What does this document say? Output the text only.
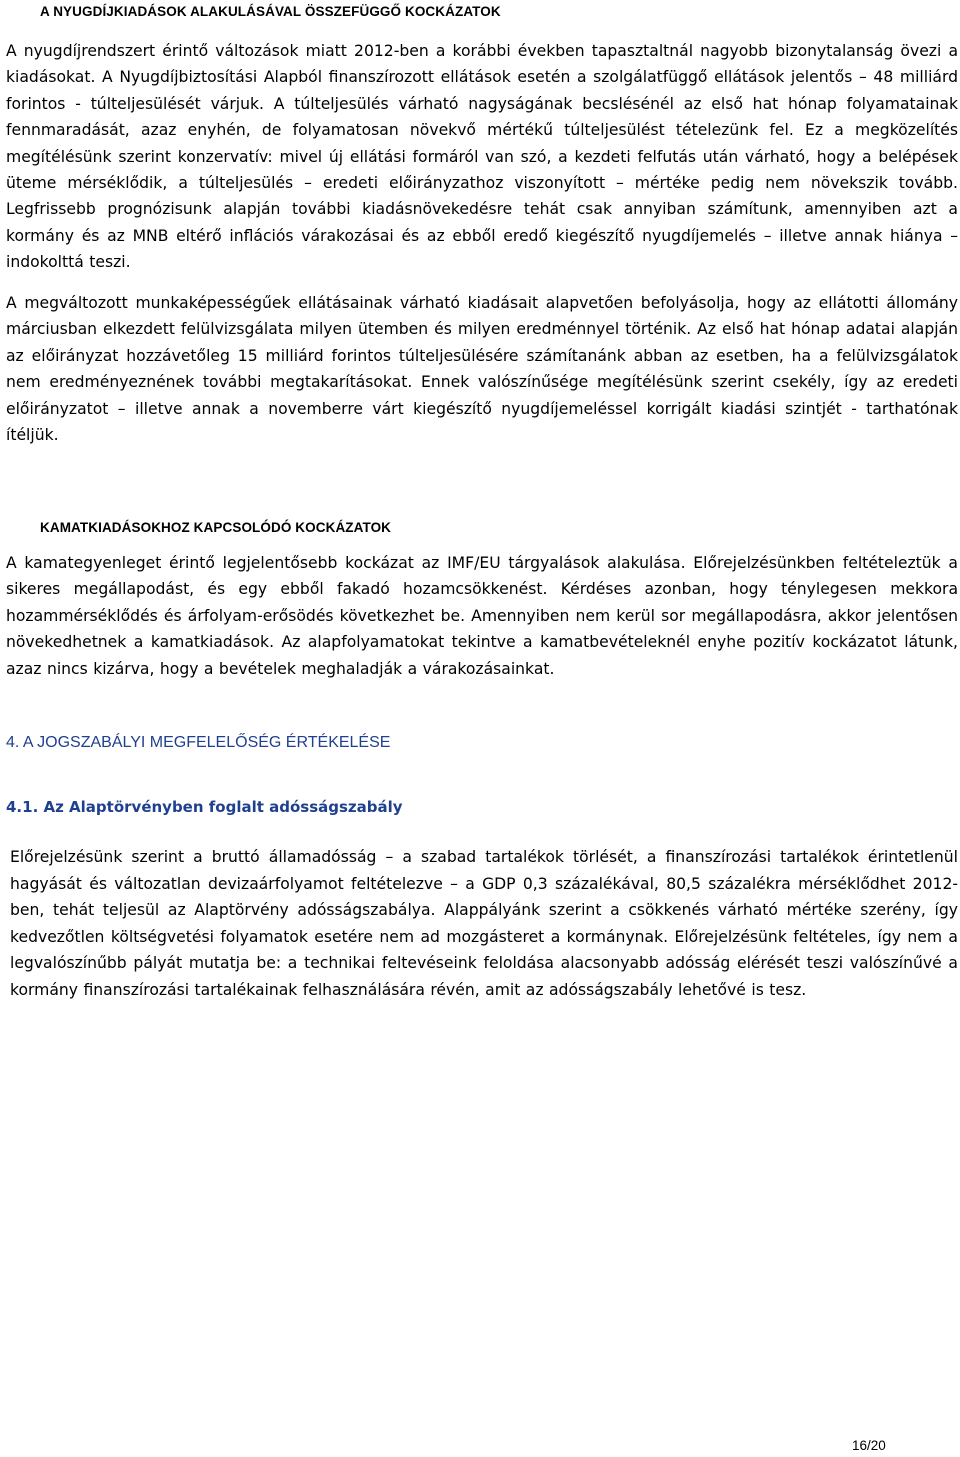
A NYUGDÍJKIADÁSOK ALAKULÁSÁVAL ÖSSZEFÜGGŐ KOCKÁZATOK

A nyugdíjrendszert érintő változások miatt 2012-ben a korábbi években tapasztaltnál nagyobb bizonytalanság övezi a kiadásokat. A Nyugdíjbiztosítási Alapból finanszírozott ellátások esetén a szolgálatfüggő ellátások jelentős – 48 milliárd forintos - túlteljesülését várjuk. A túlteljesülés várható nagyságának becslésénél az első hat hónap folyamatainak fennmaradását, azaz enyhén, de folyamatosan növekvő mértékű túlteljesülést tételezünk fel. Ez a megközelítés megítélésünk szerint konzervatív: mivel új ellátási formáról van szó, a kezdeti felfutás után várható, hogy a belépések üteme mérséklődik, a túlteljesülés – eredeti előirányzathoz viszonyított – mértéke pedig nem növekszik tovább. Legfrissebb prognózisunk alapján további kiadásnövekedésre tehát csak annyiban számítunk, amennyiben azt a kormány és az MNB eltérő inflációs várakozásai és az ebből eredő kiegészítő nyugdíjemelés – illetve annak hiánya – indokolttá teszi.

A megváltozott munkaképességűek ellátásainak várható kiadásait alapvetően befolyásolja, hogy az ellátotti állomány márciusban elkezdett felülvizsgálata milyen ütemben és milyen eredménnyel történik. Az első hat hónap adatai alapján az előirányzat hozzávetőleg 15 milliárd forintos túlteljesülésére számítanánk abban az esetben, ha a felülvizsgálatok nem eredményeznének további megtakarításokat. Ennek valószínűsége megítélésünk szerint csekély, így az eredeti előirányzatot – illetve annak a novemberre várt kiegészítő nyugdíjemeléssel korrigált kiadási szintjét - tarthatónak ítéljük.

KAMATKIADÁSOKHOZ KAPCSOLÓDÓ KOCKÁZATOK

A kamategyenleget érintő legjelentősebb kockázat az IMF/EU tárgyalások alakulása. Előrejelzésünkben feltételeztük a sikeres megállapodást, és egy ebből fakadó hozamcsökkenést. Kérdéses azonban, hogy ténylegesen mekkora hozammérséklődés és árfolyam-erősödés következhet be. Amennyiben nem kerül sor megállapodásra, akkor jelentősen növekedhetnek a kamatkiadások. Az alapfolyamatokat tekintve a kamatbevételeknél enyhe pozitív kockázatot látunk, azaz nincs kizárva, hogy a bevételek meghaladják a várakozásainkat.

4. A JOGSZABÁLYI MEGFELELŐSÉG ÉRTÉKELÉSE
4.1. Az Alaptörvényben foglalt adósságszabály

Előrejelzésünk szerint a bruttó államadósság – a szabad tartalékok törlését, a finanszírozási tartalékok érintetlenül hagyását és változatlan devizaárfolyamot feltételezve – a GDP 0,3 százalékával, 80,5 százalékra mérséklődhet 2012-ben, tehát teljesül az Alaptörvény adósságszabálya. Alappályánk szerint a csökkenés várható mértéke szerény, így kedvezőtlen költségvetési folyamatok esetére nem ad mozgásteret a kormánynak. Előrejelzésünk feltételes, így nem a legvalószínűbb pályát mutatja be: a technikai feltevéseink feloldása alacsonyabb adósság elérését teszi valószínűvé a kormány finanszírozási tartalékainak felhasználására révén, amit az adósságszabály lehetővé is tesz.

16/20
